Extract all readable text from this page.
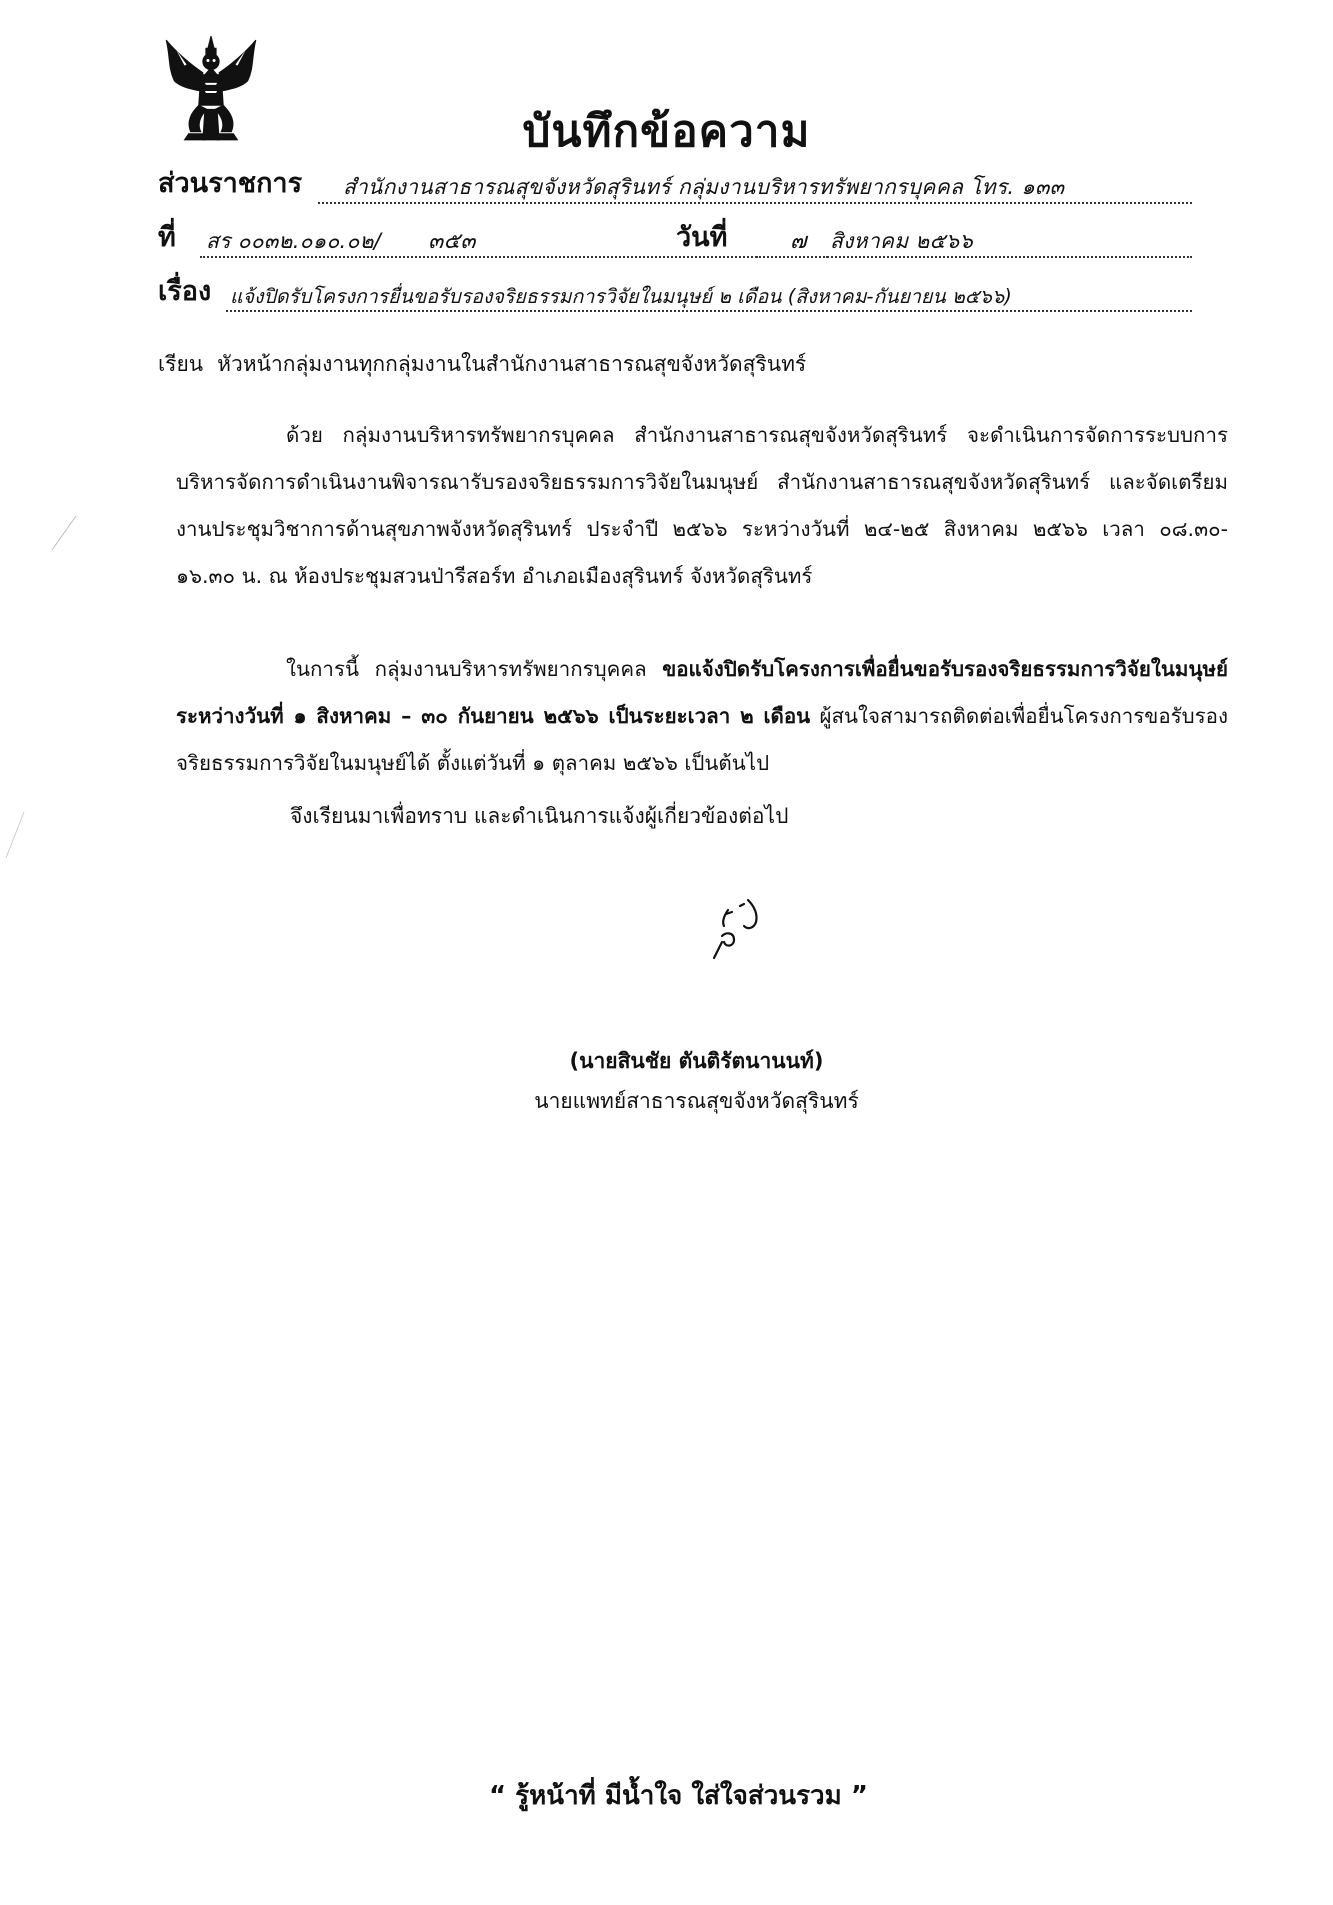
บันทึกข้อความ
ส่วนราชการ สำนักงานสาธารณสุขจังหวัดสุรินทร์ กลุ่มงานบริหารทรัพยากรบุคคล โทร. ๑๓๓
ที่ สร ๐๐๓๒.๐๑๐.๐๒/ ๓๕๓	วันที่	๗ สิงหาคม ๒๕๖๖
เรื่อง แจ้งปิดรับโครงการยื่นขอรับรองจริยธรรมการวิจัยในมนุษย์ ๒ เดือน (สิงหาคม-กันยายน ๒๕๖๖)
เรียน หัวหน้ากลุ่มงานทุกกลุ่มงานในสำนักงานสาธารณสุขจังหวัดสุรินทร์
ด้วย กลุ่มงานบริหารทรัพยากรบุคคล สำนักงานสาธารณสุขจังหวัดสุรินทร์ จะดำเนินการจัดการระบบการบริหารจัดการดำเนินงานพิจารณารับรองจริยธรรมการวิจัยในมนุษย์ สำนักงานสาธารณสุขจังหวัดสุรินทร์ และจัดเตรียมงานประชุมวิชาการด้านสุขภาพจังหวัดสุรินทร์ ประจำปี ๒๕๖๖ ระหว่างวันที่ ๒๔-๒๕ สิงหาคม ๒๕๖๖ เวลา ๐๘.๓๐- ๑๖.๓๐ น. ณ ห้องประชุมสวนป่ารีสอร์ท อำเภอเมืองสุรินทร์ จังหวัดสุรินทร์
ในการนี้ กลุ่มงานบริหารทรัพยากรบุคคล ขอแจ้งปิดรับโครงการเพื่อยื่นขอรับรองจริยธรรมการวิจัยในมนุษย์ ระหว่างวันที่ ๑ สิงหาคม – ๓๐ กันยายน ๒๕๖๖ เป็นระยะเวลา ๒ เดือน ผู้สนใจสามารถติดต่อเพื่อยื่นโครงการขอรับรองจริยธรรมการวิจัยในมนุษย์ได้ ตั้งแต่วันที่ ๑ ตุลาคม ๒๕๖๖ เป็นต้นไป
จึงเรียนมาเพื่อทราบ และดำเนินการแจ้งผู้เกี่ยวข้องต่อไป
(นายสินชัย ตันติรัตนานนท์)
นายแพทย์สาธารณสุขจังหวัดสุรินทร์
“ รู้หน้าที่ มีน้ำใจ ใส่ใจส่วนรวม ”
